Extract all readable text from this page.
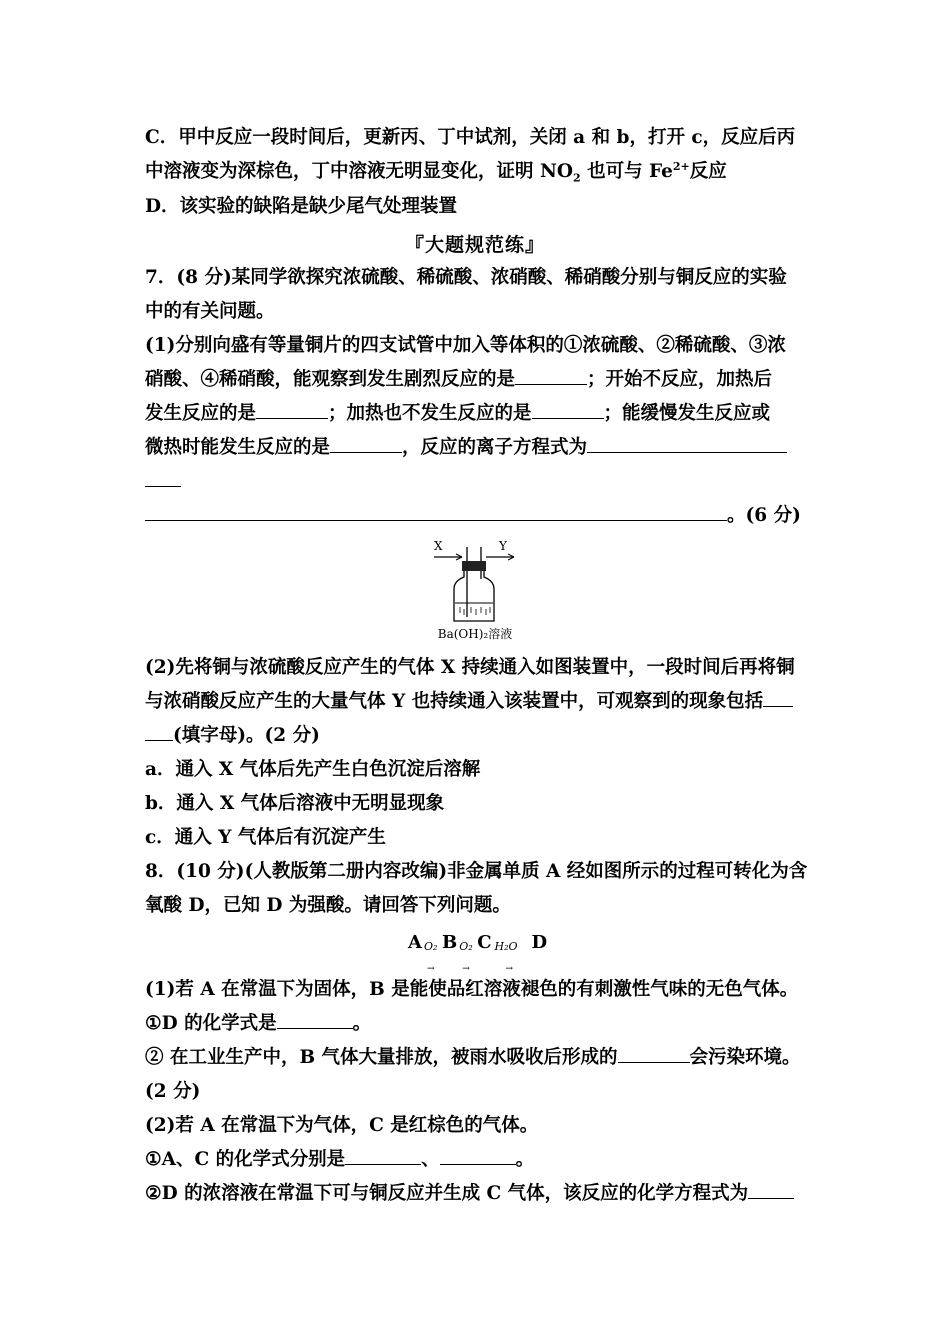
C．甲中反应一段时间后，更新丙、丁中试剂，关闭 a 和 b，打开 c，反应后丙
中溶液变为深棕色，丁中溶液无明显变化，证明 $NO_2$ 也可与 $Fe^{2+}$反应
D．该实验的缺陷是缺少尾气处理装置
『大题规范练』
7．(8 分)某同学欲探究浓硫酸、稀硫酸、浓硝酸、稀硝酸分别与铜反应的实验
中的有关问题。
(1)分别向盛有等量铜片的四支试管中加入等体积的①浓硫酸、②稀硫酸、③浓
硝酸、④稀硝酸，能观察到发生剧烈反应的是	；开始不反应，加热后
发生反应的是	；加热也不发生反应的是	；能缓慢发生反应或
微热时能发生反应的是	，反应的离子方程式为
。(6 分)
X	Y
Ba(OH)₂溶液
(2)先将铜与浓硫酸反应产生的气体 X 持续通入如图装置中，一段时间后再将铜
与浓硝酸反应产生的大量气体 Y 也持续通入该装置中，可观察到的现象包括
(填字母)。(2 分)
a．通入 X 气体后先产生白色沉淀后溶解
b．通入 X 气体后溶液中无明显现象
c．通入 Y 气体后有沉淀产生
8．(10 分)(人教版第二册内容改编)非金属单质 A 经如图所示的过程可转化为含
氧酸 D，已知 D 为强酸。请回答下列问题。
A O₂
→
B O₂
→
C H₂O
→
D
(1)若 A 在常温下为固体，B 是能使品红溶液褪色的有刺激性气味的无色气体。
①D 的化学式是	。
② 在工业生产中，B 气体大量排放，被雨水吸收后形成的	会污染环境。
(2 分)
(2)若 A 在常温下为气体，C 是红棕色的气体。
①A、C 的化学式分别是	、	。
②D 的浓溶液在常温下可与铜反应并生成 C 气体，该反应的化学方程式为
